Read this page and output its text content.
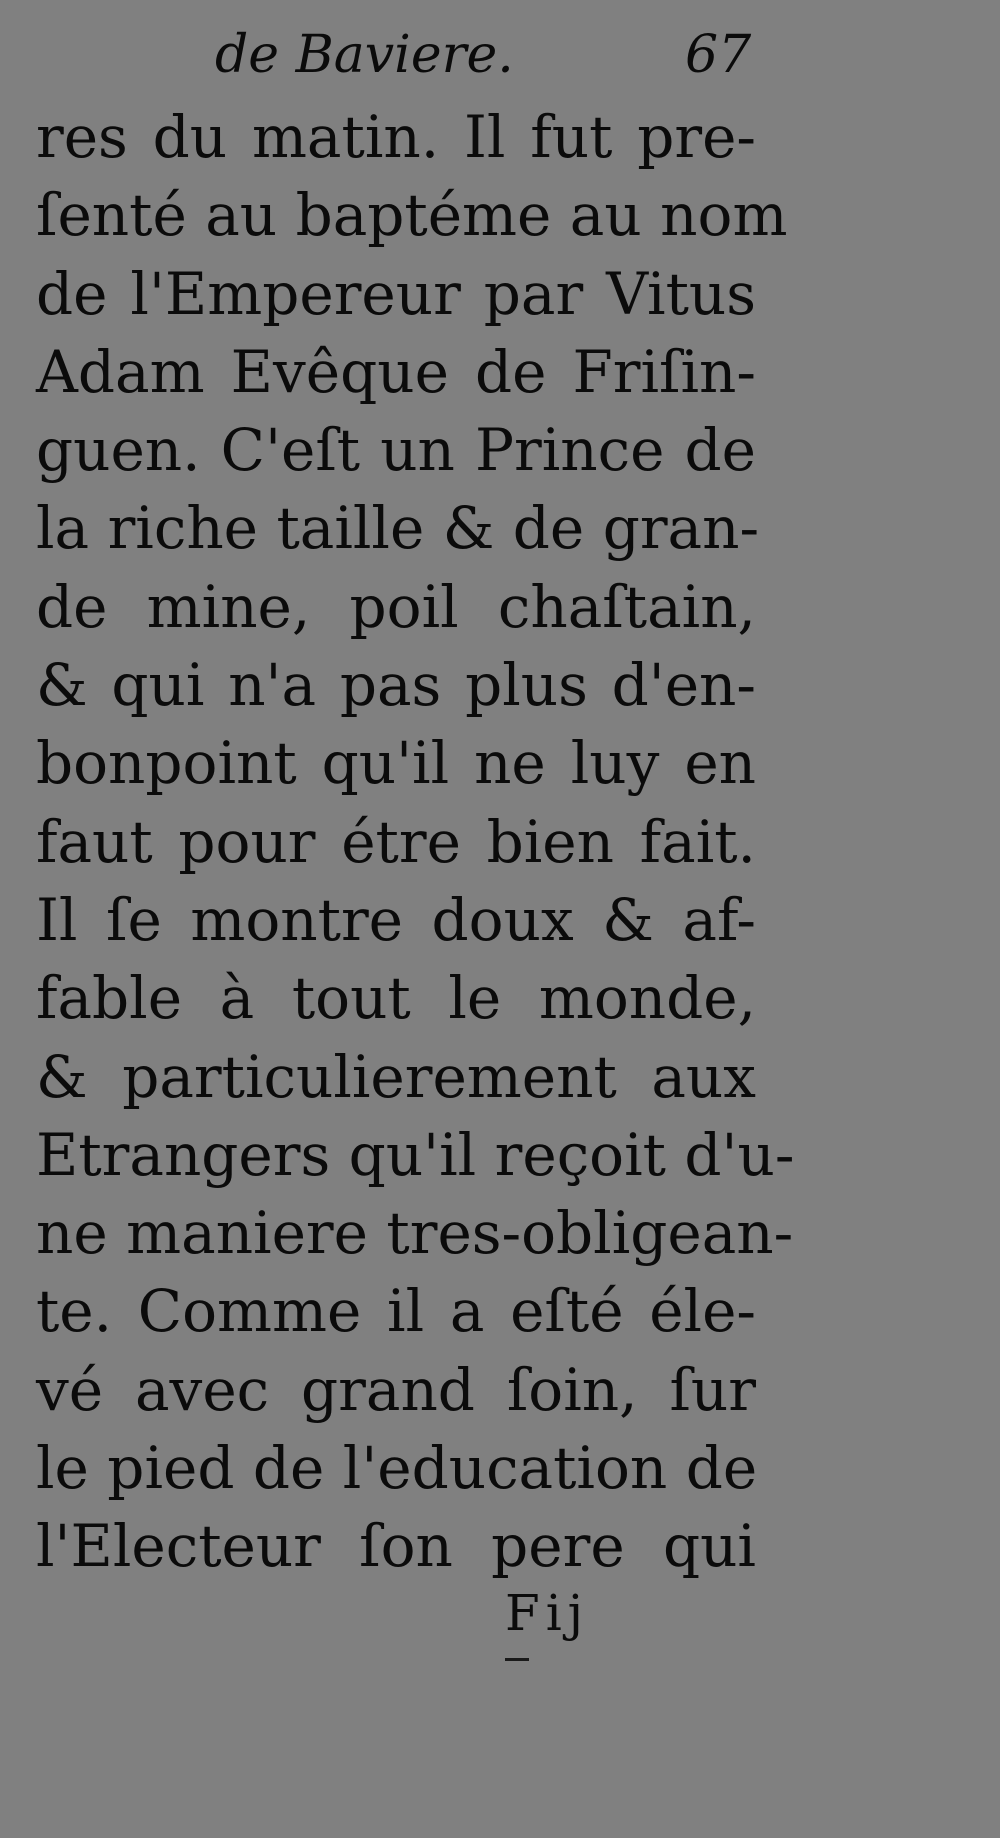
de Baviere.	67
res du matin. Il fut pre-
ſenté au baptéme au nom
de l'Empereur par Vitus
Adam Evêque de Friſin-
guen. C'eſt un Prince de
la riche taille & de gran-
de mine, poil chaſtain,
& qui n'a pas plus d'en-
bonpoint qu'il ne luy en
faut pour étre bien fait.
Il ſe montre doux & af-
fable à tout le monde,
& particulierement aux
Etrangers qu'il reçoit d'u-
ne maniere tres-obligean-
te. Comme il a eſté éle-
vé avec grand ſoin, ſur
le pied de l'education de
l'Electeur ſon pere qui
Fij
